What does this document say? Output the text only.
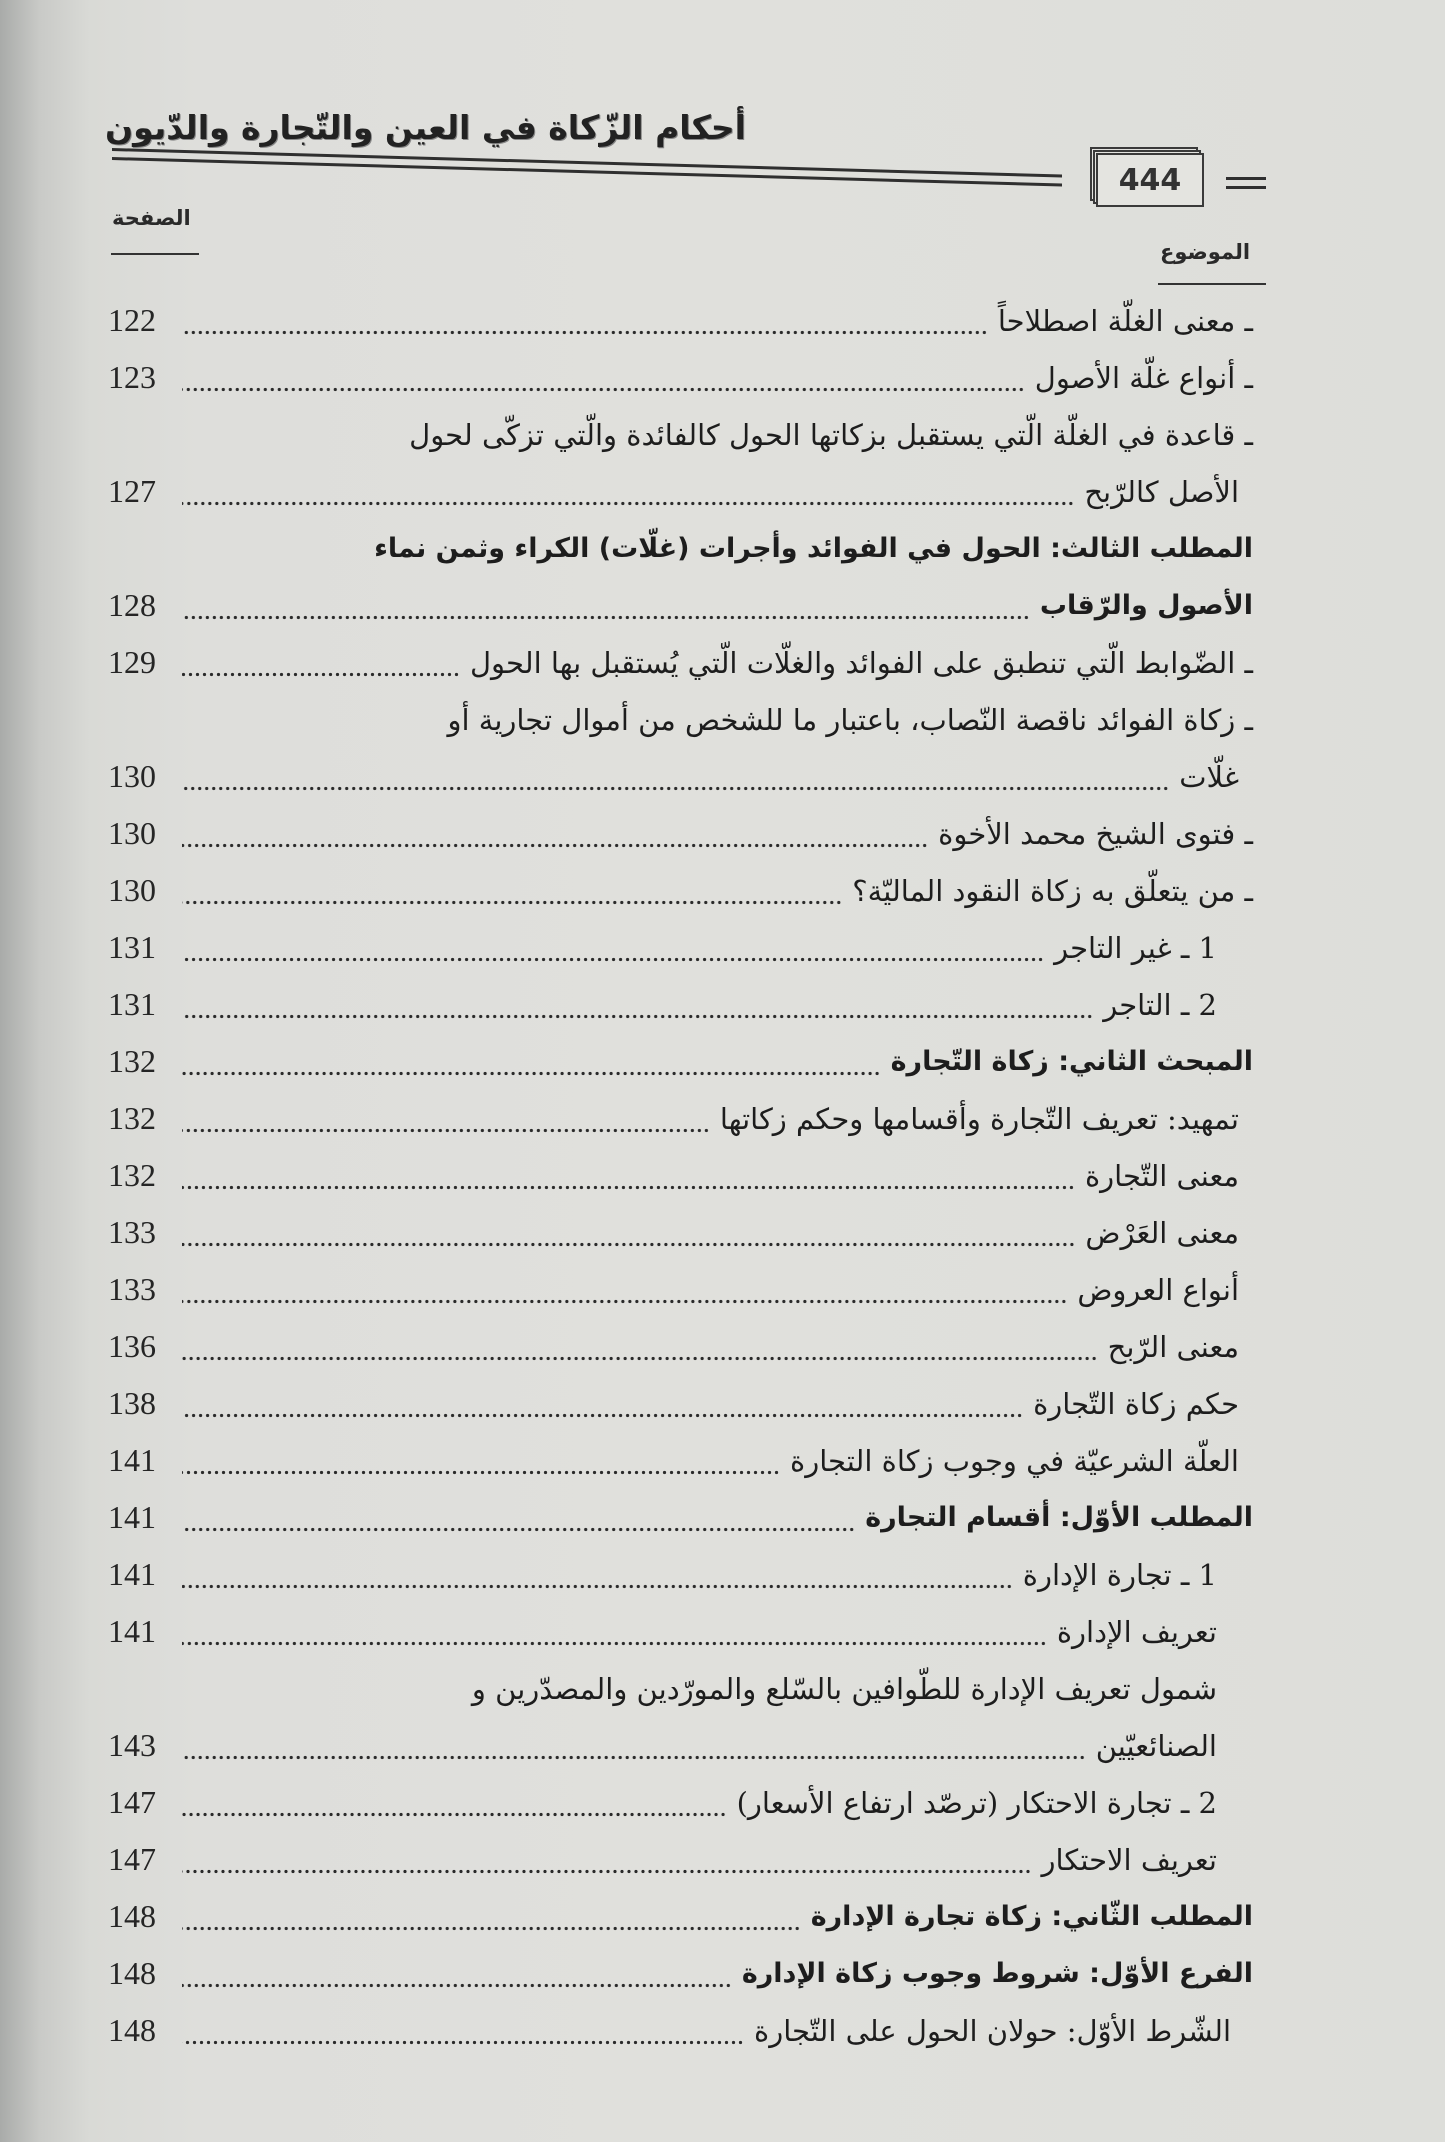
أحكام الزّكاة في العين والتّجارة والدّيون
444
الصفحة
الموضوع
ـ معنى الغلّة اصطلاحاً
122
ـ أنواع غلّة الأصول
123
ـ قاعدة في الغلّة الّتي يستقبل بزكاتها الحول كالفائدة والّتي تزكّى لحول
الأصل كالرّبح
127
المطلب الثالث: الحول في الفوائد وأجرات (غلّات) الكراء وثمن نماء
الأصول والرّقاب
128
ـ الضّوابط الّتي تنطبق على الفوائد والغلّات الّتي يُستقبل بها الحول
129
ـ زكاة الفوائد ناقصة النّصاب، باعتبار ما للشخص من أموال تجارية أو
غلّات
130
ـ فتوى الشيخ محمد الأخوة
130
ـ من يتعلّق به زكاة النقود الماليّة؟
130
1 ـ غير التاجر
131
2 ـ التاجر
131
المبحث الثاني: زكاة التّجارة
132
تمهيد: تعريف التّجارة وأقسامها وحكم زكاتها
132
معنى التّجارة
132
معنى العَرْض
133
أنواع العروض
133
معنى الرّبح
136
حكم زكاة التّجارة
138
العلّة الشرعيّة في وجوب زكاة التجارة
141
المطلب الأوّل: أقسام التجارة
141
1 ـ تجارة الإدارة
141
تعريف الإدارة
141
شمول تعريف الإدارة للطّوافين بالسّلع والمورّدين والمصدّرين و
الصنائعيّين
143
2 ـ تجارة الاحتكار (ترصّد ارتفاع الأسعار)
147
تعريف الاحتكار
147
المطلب الثّاني: زكاة تجارة الإدارة
148
الفرع الأوّل: شروط وجوب زكاة الإدارة
148
الشّرط الأوّل: حولان الحول على التّجارة
148
